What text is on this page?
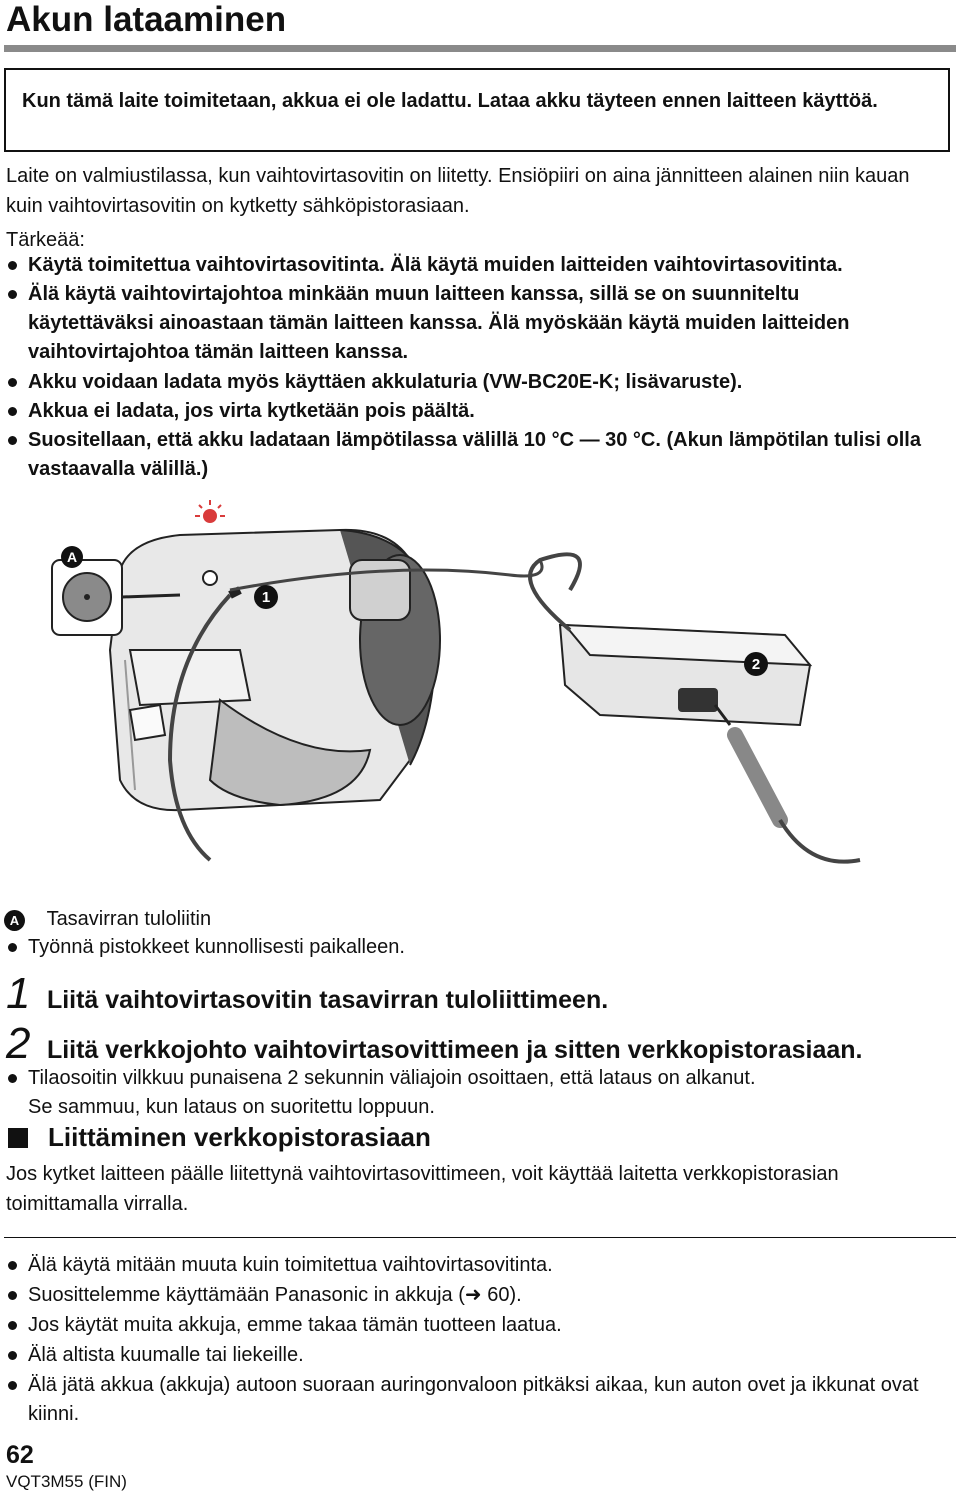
Akun lataaminen
Kun tämä laite toimitetaan, akkua ei ole ladattu. Lataa akku täyteen ennen laitteen käyttöä.
Laite on valmiustilassa, kun vaihtovirtasovitin on liitetty. Ensiöpiiri on aina jännitteen alainen niin kauan kuin vaihtovirtasovitin on kytketty sähköpistorasiaan.
Tärkeää:
Käytä toimitettua vaihtovirtasovitinta. Älä käytä muiden laitteiden vaihtovirtasovitinta.
Älä käytä vaihtovirtajohtoa minkään muun laitteen kanssa, sillä se on suunniteltu käytettäväksi ainoastaan tämän laitteen kanssa. Älä myöskään käytä muiden laitteiden vaihtovirtajohtoa tämän laitteen kanssa.
Akku voidaan ladata myös käyttäen akkulaturia (VW-BC20E-K; lisävaruste).
Akkua ei ladata, jos virta kytketään pois päältä.
Suositellaan, että akku ladataan lämpötilassa välillä 10 °C — 30 °C. (Akun lämpötilan tulisi olla vastaavalla välillä.)
A
1
2
A Tasavirran tuloliitin
Työnnä pistokkeet kunnollisesti paikalleen.
1 Liitä vaihtovirtasovitin tasavirran tuloliittimeen.
2 Liitä verkkojohto vaihtovirtasovittimeen ja sitten verkkopistorasiaan.
Tilaosoitin vilkkuu punaisena 2 sekunnin väliajoin osoittaen, että lataus on alkanut.
Se sammuu, kun lataus on suoritettu loppuun.
Liittäminen verkkopistorasiaan
Jos kytket laitteen päälle liitettynä vaihtovirtasovittimeen, voit käyttää laitetta verkkopistorasian toimittamalla virralla.
Älä käytä mitään muuta kuin toimitettua vaihtovirtasovitinta.
Suosittelemme käyttämään Panasonic in akkuja (➜ 60).
Jos käytät muita akkuja, emme takaa tämän tuotteen laatua.
Älä altista kuumalle tai liekeille.
Älä jätä akkua (akkuja) autoon suoraan auringonvaloon pitkäksi aikaa, kun auton ovet ja ikkunat ovat kiinni.
62
VQT3M55 (FIN)
